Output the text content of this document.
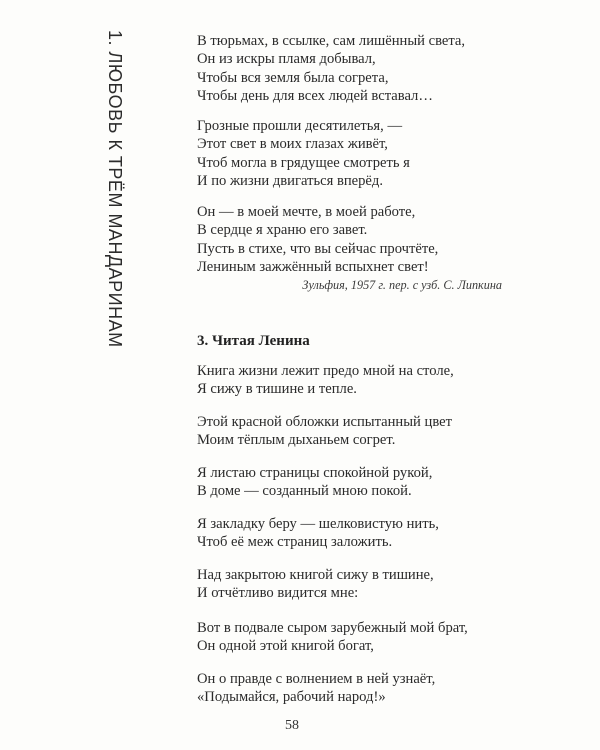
1. ЛЮБОВЬ К ТРЁМ МАНДАРИНАМ	В тюрьмах, в ссылке, сам лишённый света,
Он из искры пламя добывал,
Чтобы вся земля была согрета,
Чтобы день для всех людей вставал…
Грозные прошли десятилетья, —
Этот свет в моих глазах живёт,
Чтоб могла в грядущее смотреть я
И по жизни двигаться вперёд.
Он — в моей мечте, в моей работе,
В сердце я храню его завет.
Пусть в стихе, что вы сейчас прочтёте,
Лениным зажжённый вспыхнет свет!
Зульфия, 1957 г. пер. с узб. С. Липкина
3. Читая Ленина
Книга жизни лежит предо мной на столе,
Я сижу в тишине и тепле.
Этой красной обложки испытанный цвет
Моим тёплым дыханьем согрет.
Я листаю страницы спокойной рукой,
В доме — созданный мною покой.
Я закладку беру — шелковистую нить,
Чтоб её меж страниц заложить.
Над закрытою книгой сижу в тишине,
И отчётливо видится мне:
Вот в подвале сыром зарубежный мой брат,
Он одной этой книгой богат,
Он о правде с волнением в ней узнаёт,
«Подымайся, рабочий народ!»
58
